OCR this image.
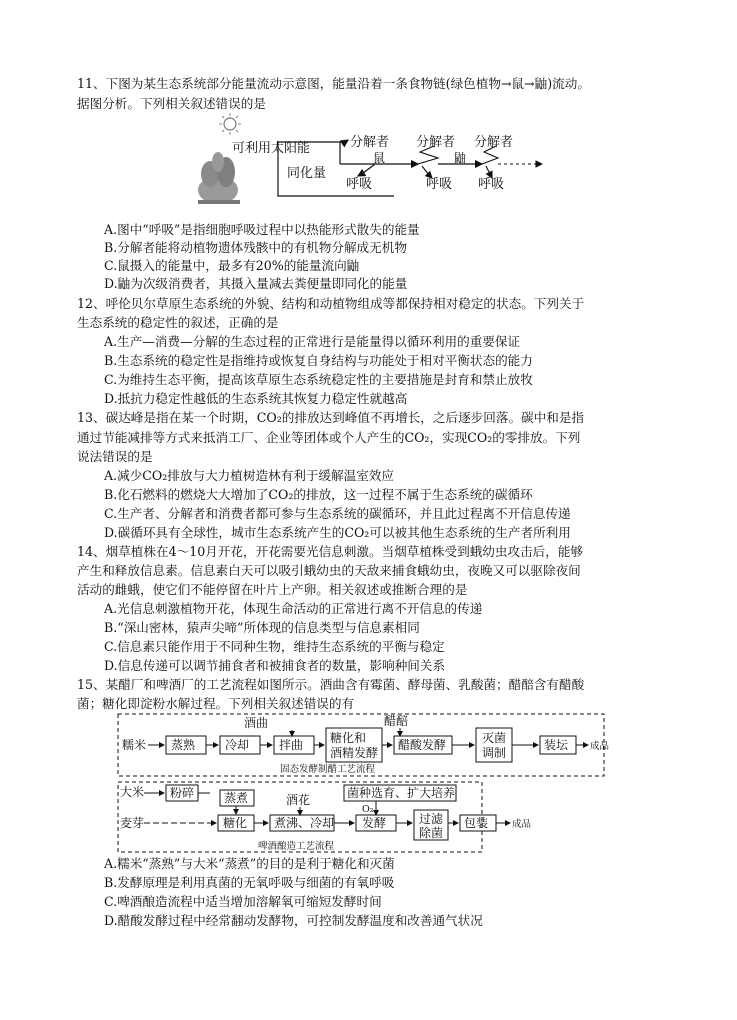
11、下图为某生态系统部分能量流动示意图，能量沿着一条食物链(绿色植物→鼠→鼬)流动。
据图分析。下列相关叙述错误的是
可利用太阳能
同化量
分解者
鼠
呼吸
分解者
鼬
呼吸
分解者
呼吸
A.图中“呼吸”是指细胞呼吸过程中以热能形式散失的能量
B.分解者能将动植物遗体残骸中的有机物分解成无机物
C.鼠摄入的能量中，最多有20%的能量流向鼬
D.鼬为次级消费者，其摄入量减去粪便量即同化的能量
12、呼伦贝尔草原生态系统的外貌、结构和动植物组成等都保持相对稳定的状态。下列关于
生态系统的稳定性的叙述，正确的是
A.生产—消费—分解的生态过程的正常进行是能量得以循环利用的重要保证
B.生态系统的稳定性是指维持或恢复自身结构与功能处于相对平衡状态的能力
C.为维持生态平衡，提高该草原生态系统稳定性的主要措施是封育和禁止放牧
D.抵抗力稳定性越低的生态系统其恢复力稳定性就越高
13、碳达峰是指在某一个时期，CO₂的排放达到峰值不再增长，之后逐步回落。碳中和是指
通过节能减排等方式来抵消工厂、企业等团体或个人产生的CO₂，实现CO₂的零排放。下列
说法错误的是
A.减少CO₂排放与大力植树造林有利于缓解温室效应
B.化石燃料的燃烧大大增加了CO₂的排放，这一过程不属于生态系统的碳循环
C.生产者、分解者和消费者都可参与生态系统的碳循环，并且此过程离不开信息传递
D.碳循环具有全球性，城市生态系统产生的CO₂可以被其他生态系统的生产者所利用
14、烟草植株在4～10月开花，开花需要光信息刺激。当烟草植株受到蛾幼虫攻击后，能够
产生和释放信息素。信息素白天可以吸引蛾幼虫的天敌来捕食蛾幼虫，夜晚又可以驱除夜间
活动的雌蛾，使它们不能停留在叶片上产卵。相关叙述或推断合理的是
A.光信息刺激植物开花，体现生命活动的正常进行离不开信息的传递
B.“深山密林，猿声尖啼”所体现的信息类型与信息素相同
C.信息素只能作用于不同种生物，维持生态系统的平衡与稳定
D.信息传递可以调节捕食者和被捕食者的数量，影响种间关系
15、某醋厂和啤酒厂的工艺流程如图所示。酒曲含有霉菌、酵母菌、乳酸菌；醋醅含有醋酸
菌；糖化即淀粉水解过程。下列相关叙述错误的有
糯米 蒸熟 冷却
酒曲
拌曲 糖化和
酒精发酵
醋醅
醋酸发酵	灭菌
调制
装坛 成品
固态发酵制醋工艺流程
大米 粉碎 蒸煮
麦芽	糖化
酒花
煮沸、冷却
菌种选育、扩大培养
O₂
发酵	过滤
除菌
包装	成品
啤酒酿造工艺流程
A.糯米“蒸熟”与大米“蒸煮”的目的是利于糖化和灭菌
B.发酵原理是利用真菌的无氧呼吸与细菌的有氧呼吸
C.啤酒酿造流程中适当增加溶解氧可缩短发酵时间
D.醋酸发酵过程中经常翻动发酵物，可控制发酵温度和改善通气状况
